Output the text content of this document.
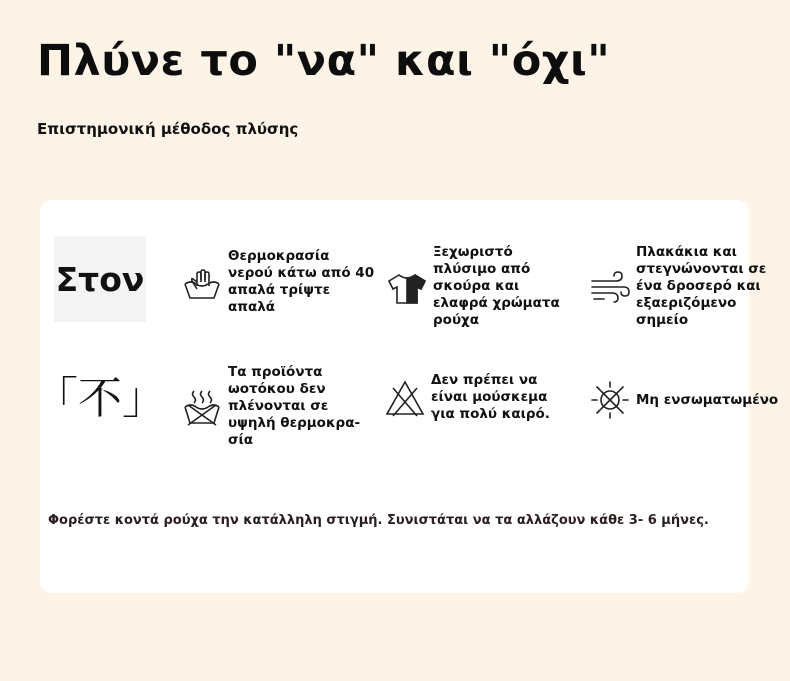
Πλύνε το "να" και "όχι"
Επιστημονική μέθοδος πλύσης
Στον
「不」
Θερμοκρασία
νερού κάτω από 40
απαλά τρίψτε
απαλά
Ξεχωριστό
πλύσιμο από
σκούρα και
ελαφρά χρώματα
ρούχα
Πλακάκια και
στεγνώνονται σε
ένα δροσερό και
εξαεριζόμενο
σημείο
Τα προϊόντα
ωοτόκου δεν
πλένονται σε
υψηλή θερμοκρα-
σία
Δεν πρέπει να
είναι μούσκεμα
για πολύ καιρό.
Μη ενσωματωμένο
Φορέστε κοντά ρούχα την κατάλληλη στιγμή. Συνιστάται να τα αλλάζουν κάθε 3- 6 μήνες.
